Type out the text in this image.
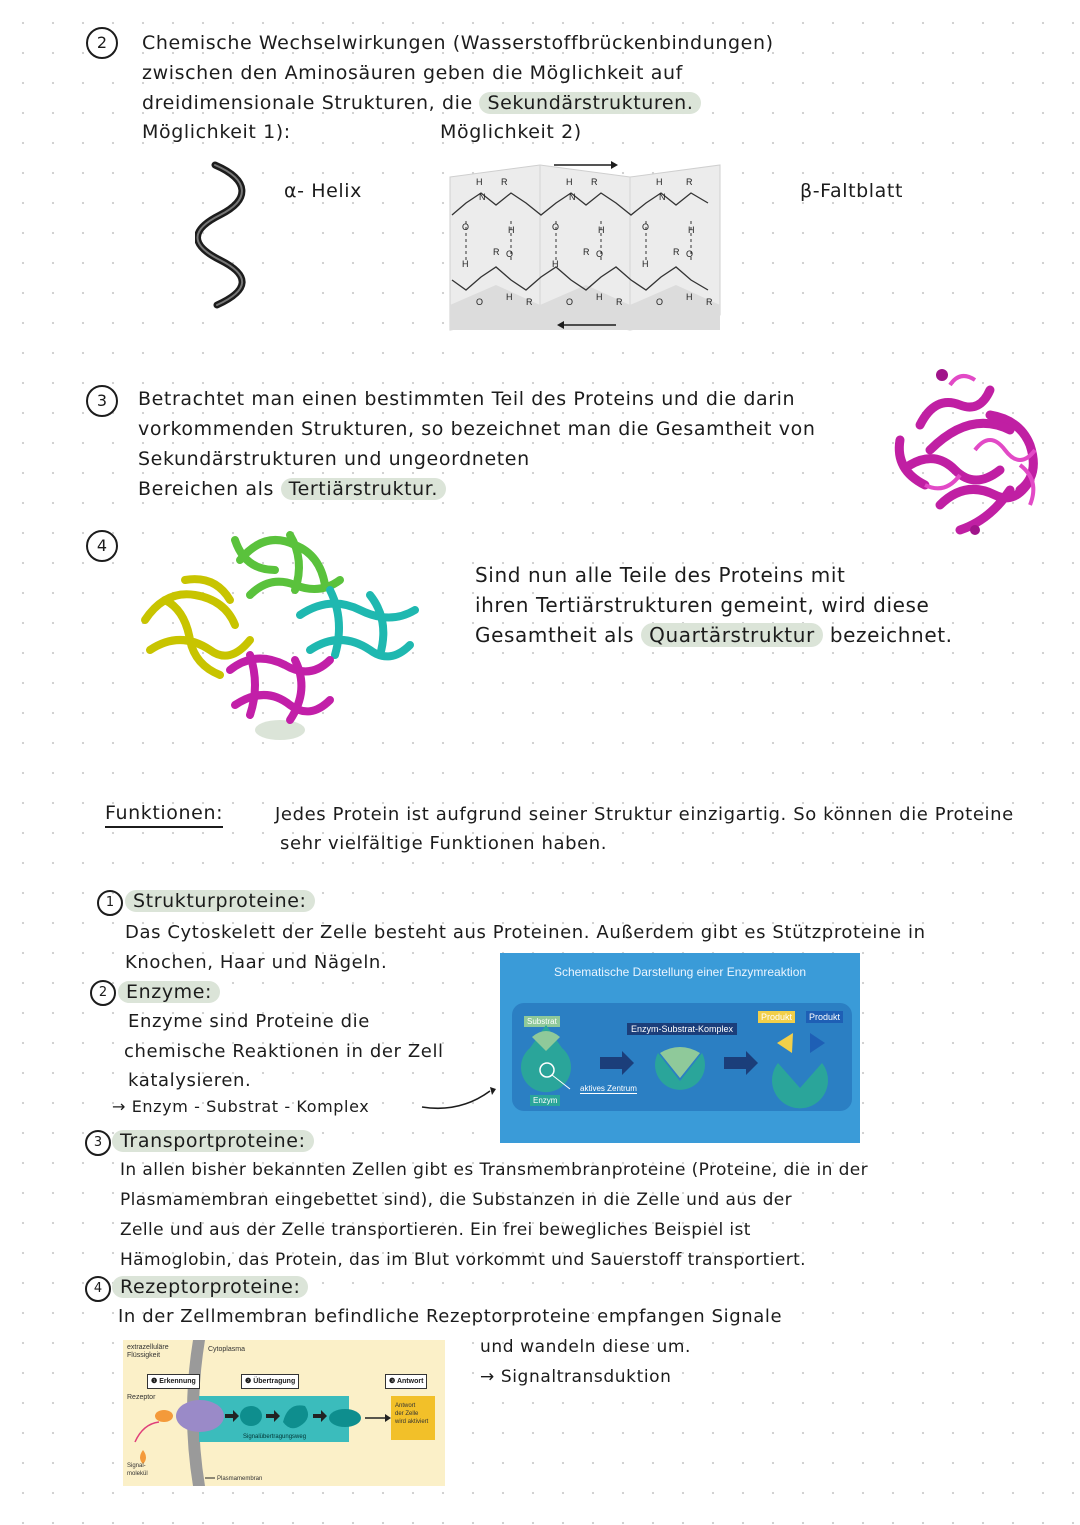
2	Chemische Wechselwirkungen (Wasserstoffbrückenbindungen)
zwischen den Aminosäuren geben die Möglichkeit auf
dreidimensionale Strukturen, die Sekundärstrukturen.
Möglichkeit 1):	Möglichkeit 2)
α- Helix	H
N
R
O
H
N
R
O
H
N
R
O
H	H	H
H	H	H
O	O	O
O	H R	O	H R	O	H R
R	R	R
β-Faltblatt
3	Betrachtet man einen bestimmten Teil des Proteins und die darin
vorkommenden Strukturen, so bezeichnet man die Gesamtheit von
Sekundärstrukturen und ungeordneten
Bereichen als Tertiärstruktur.
4
Sind nun alle Teile des Proteins mit
ihren Tertiärstrukturen gemeint, wird diese
Gesamtheit als Quartärstruktur bezeichnet.
Funktionen:	Jedes Protein ist aufgrund seiner Struktur einzigartig. So können die Proteine
sehr vielfältige Funktionen haben.
1 Strukturproteine:
Das Cytoskelett der Zelle besteht aus Proteinen. Außerdem gibt es Stützproteine in
Knochen, Haar und Nägeln.
2 Enzyme:
Enzyme sind Proteine die
chemische Reaktionen in der Zell
katalysieren.
→ Enzym - Substrat - Komplex
Schematische Darstellung einer Enzymreaktion
Substrat
Enzym-Substrat-Komplex
Produkt	Produkt
aktives Zentrum
Enzym
3 Transportproteine:
In allen bisher bekannten Zellen gibt es Transmembranproteine (Proteine, die in der
Plasmamembran eingebettet sind), die Substanzen in die Zelle und aus der
Zelle und aus der Zelle transportieren. Ein frei bewegliches Beispiel ist
Hämoglobin, das Protein, das im Blut vorkommt und Sauerstoff transportiert.
4 Rezeptorproteine:
In der Zellmembran befindliche Rezeptorproteine empfangen Signale
und wandeln diese um.
→ Signaltransduktion
extrazelluläre
Flüssigkeit
Cytoplasma
❶ Erkennung	❷ Übertragung	❸ Antwort
Rezeptor
Signalübertragungsweg
Antwort
der Zelle
wird aktiviert
Signal-
molekül
Plasmamembran
